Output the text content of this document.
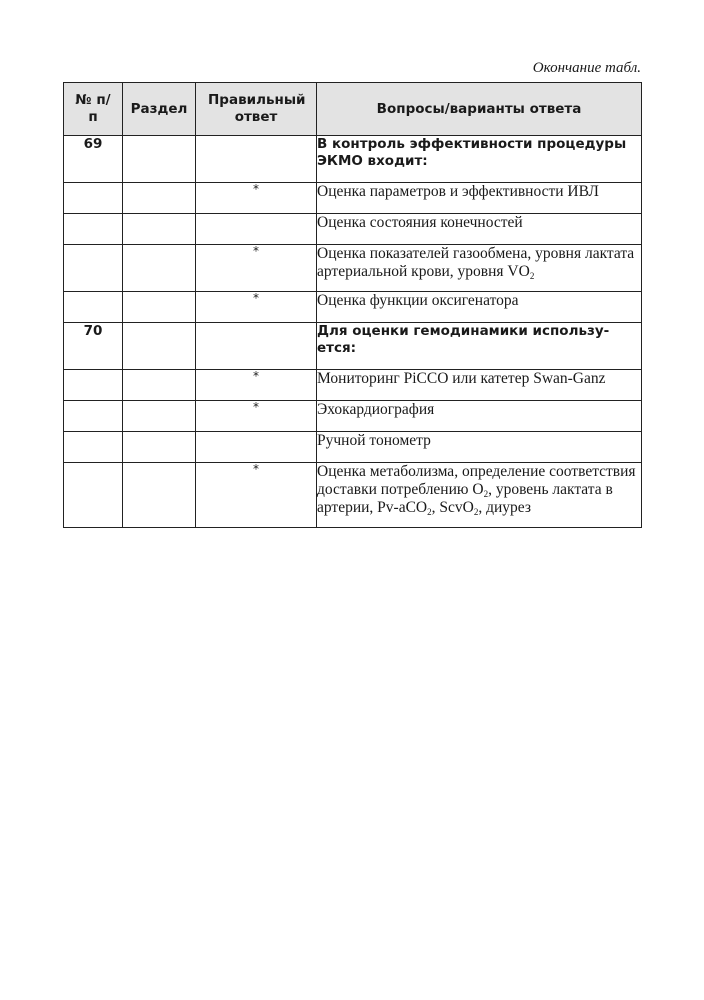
Окончание табл.
№ п/п	Раздел	Правильный ответ	Вопросы/варианты ответа
69			В контроль эффективности процедуры ЭКМО входит:
		*	Оценка параметров и эффективности ИВЛ
			Оценка состояния конечностей
		*	Оценка показателей газообмена, уровня лактата артериальной крови, уровня $VO_2$
		*	Оценка функции оксигенатора
70			Для оценки гемодинамики используется:
		*	Мониторинг PiCCO или катетер Swan-Ganz
		*	Эхокардиография
			Ручной тонометр
		*	Оценка метаболизма, определение соответствия доставки потреблению $O_2$, уровень лактата в артерии, Pv-aCO$_2$, ScvO$_2$, диурез
